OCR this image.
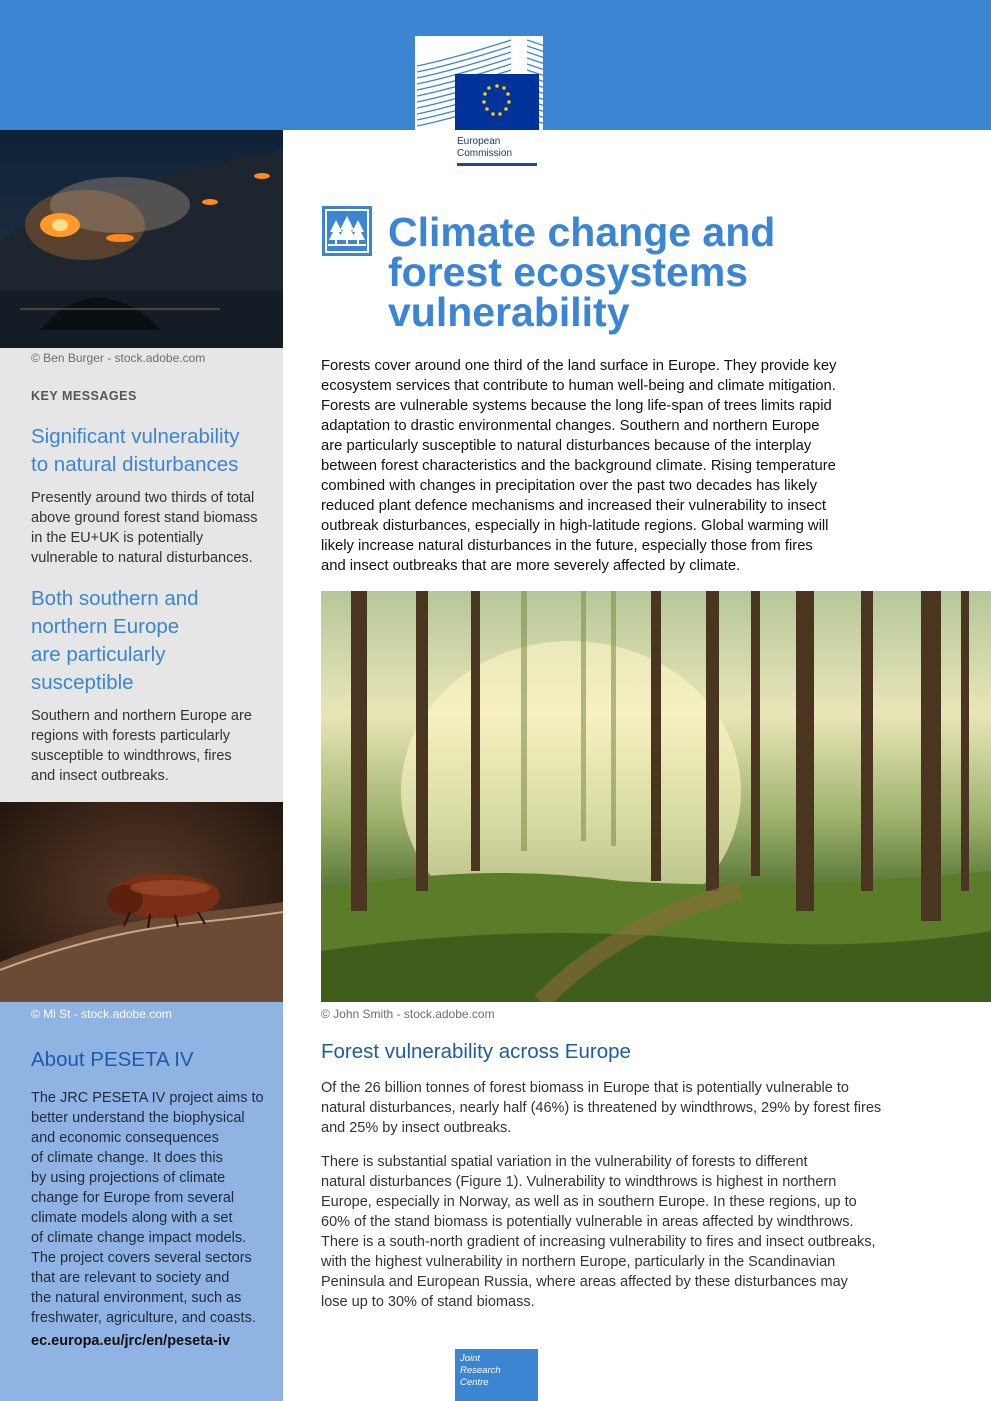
European
Commission
© Ben Burger - stock.adobe.com
KEY MESSAGES
Significant vulnerability
to natural disturbances
Presently around two thirds of total
above ground forest stand biomass
in the EU+UK is potentially
vulnerable to natural disturbances.
Both southern and
northern Europe
are particularly
susceptible
Southern and northern Europe are
regions with forests particularly
susceptible to windthrows, fires
and insect outbreaks.
© Mi St - stock.adobe.com
About PESETA IV
The JRC PESETA IV project aims to
better understand the biophysical
and economic consequences
of climate change. It does this
by using projections of climate
change for Europe from several
climate models along with a set
of climate change impact models.
The project covers several sectors
that are relevant to society and
the natural environment, such as
freshwater, agriculture, and coasts.
ec.europa.eu/jrc/en/peseta-iv
Climate change and
forest ecosystems
vulnerability
Forests cover around one third of the land surface in Europe. They provide key
ecosystem services that contribute to human well-being and climate mitigation.
Forests are vulnerable systems because the long life-span of trees limits rapid
adaptation to drastic environmental changes. Southern and northern Europe
are particularly susceptible to natural disturbances because of the interplay
between forest characteristics and the background climate. Rising temperature
combined with changes in precipitation over the past two decades has likely
reduced plant defence mechanisms and increased their vulnerability to insect
outbreak disturbances, especially in high-latitude regions. Global warming will
likely increase natural disturbances in the future, especially those from fires
and insect outbreaks that are more severely affected by climate.
© John Smith - stock.adobe.com
Forest vulnerability across Europe
Of the 26 billion tonnes of forest biomass in Europe that is potentially vulnerable to
natural disturbances, nearly half (46%) is threatened by windthrows, 29% by forest fires
and 25% by insect outbreaks.
There is substantial spatial variation in the vulnerability of forests to different
natural disturbances (Figure 1). Vulnerability to windthrows is highest in northern
Europe, especially in Norway, as well as in southern Europe. In these regions, up to
60% of the stand biomass is potentially vulnerable in areas affected by windthrows.
There is a south-north gradient of increasing vulnerability to fires and insect outbreaks,
with the highest vulnerability in northern Europe, particularly in the Scandinavian
Peninsula and European Russia, where areas affected by these disturbances may
lose up to 30% of stand biomass.
Joint
Research
Centre
